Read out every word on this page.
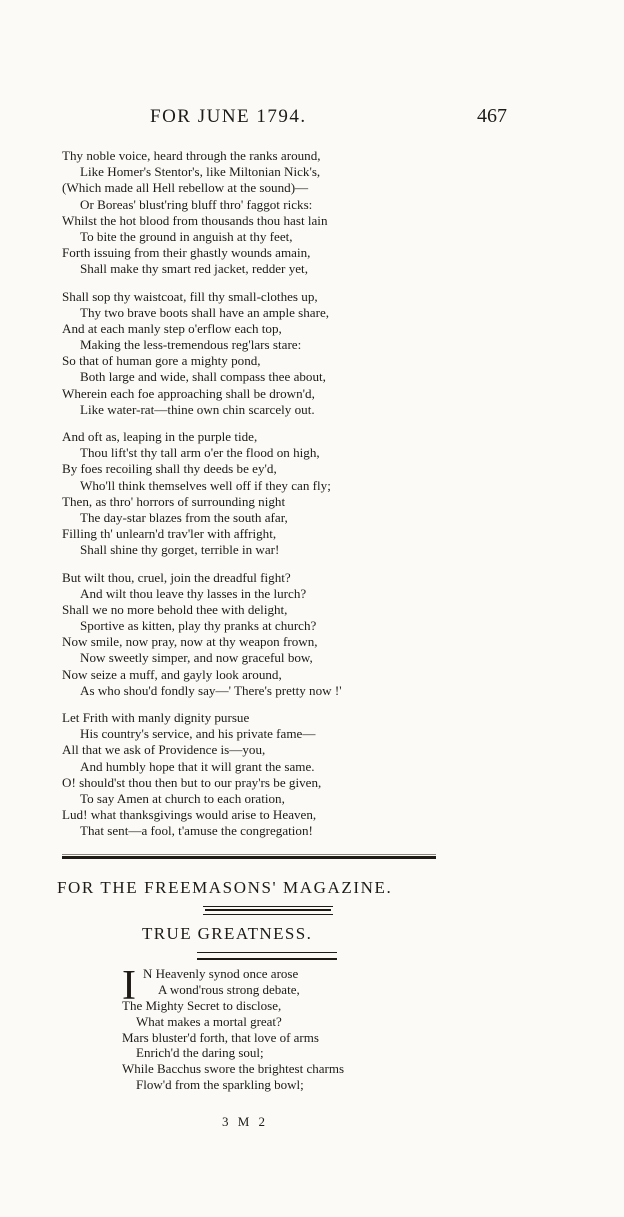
FOR JUNE 1794.	467
Thy noble voice, heard through the ranks around,
Like Homer's Stentor's, like Miltonian Nick's,
(Which made all Hell rebellow at the sound)—
Or Boreas' blust'ring bluff thro' faggot ricks:
Whilst the hot blood from thousands thou hast lain
To bite the ground in anguish at thy feet,
Forth issuing from their ghastly wounds amain,
Shall make thy smart red jacket, redder yet,
Shall sop thy waistcoat, fill thy small-clothes up,
Thy two brave boots shall have an ample share,
And at each manly step o'erflow each top,
Making the less-tremendous reg'lars stare:
So that of human gore a mighty pond,
Both large and wide, shall compass thee about,
Wherein each foe approaching shall be drown'd,
Like water-rat—thine own chin scarcely out.
And oft as, leaping in the purple tide,
Thou lift'st thy tall arm o'er the flood on high,
By foes recoiling shall thy deeds be ey'd,
Who'll think themselves well off if they can fly;
Then, as thro' horrors of surrounding night
The day-star blazes from the south afar,
Filling th' unlearn'd trav'ler with affright,
Shall shine thy gorget, terrible in war!
But wilt thou, cruel, join the dreadful fight?
And wilt thou leave thy lasses in the lurch?
Shall we no more behold thee with delight,
Sportive as kitten, play thy pranks at church?
Now smile, now pray, now at thy weapon frown,
Now sweetly simper, and now graceful bow,
Now seize a muff, and gayly look around,
As who shou'd fondly say—' There's pretty now !'
Let Frith with manly dignity pursue
His country's service, and his private fame—
All that we ask of Providence is—you,
And humbly hope that it will grant the same.
O! should'st thou then but to our pray'rs be given,
To say Amen at church to each oration,
Lud! what thanksgivings would arise to Heaven,
That sent—a fool, t'amuse the congregation!
FOR THE FREEMASONS' MAGAZINE.
TRUE GREATNESS.
I N Heavenly synod once arose
A wond'rous strong debate,
The Mighty Secret to disclose,
What makes a mortal great?
Mars bluster'd forth, that love of arms
Enrich'd the daring soul;
While Bacchus swore the brightest charms
Flow'd from the sparkling bowl;
3 M 2
